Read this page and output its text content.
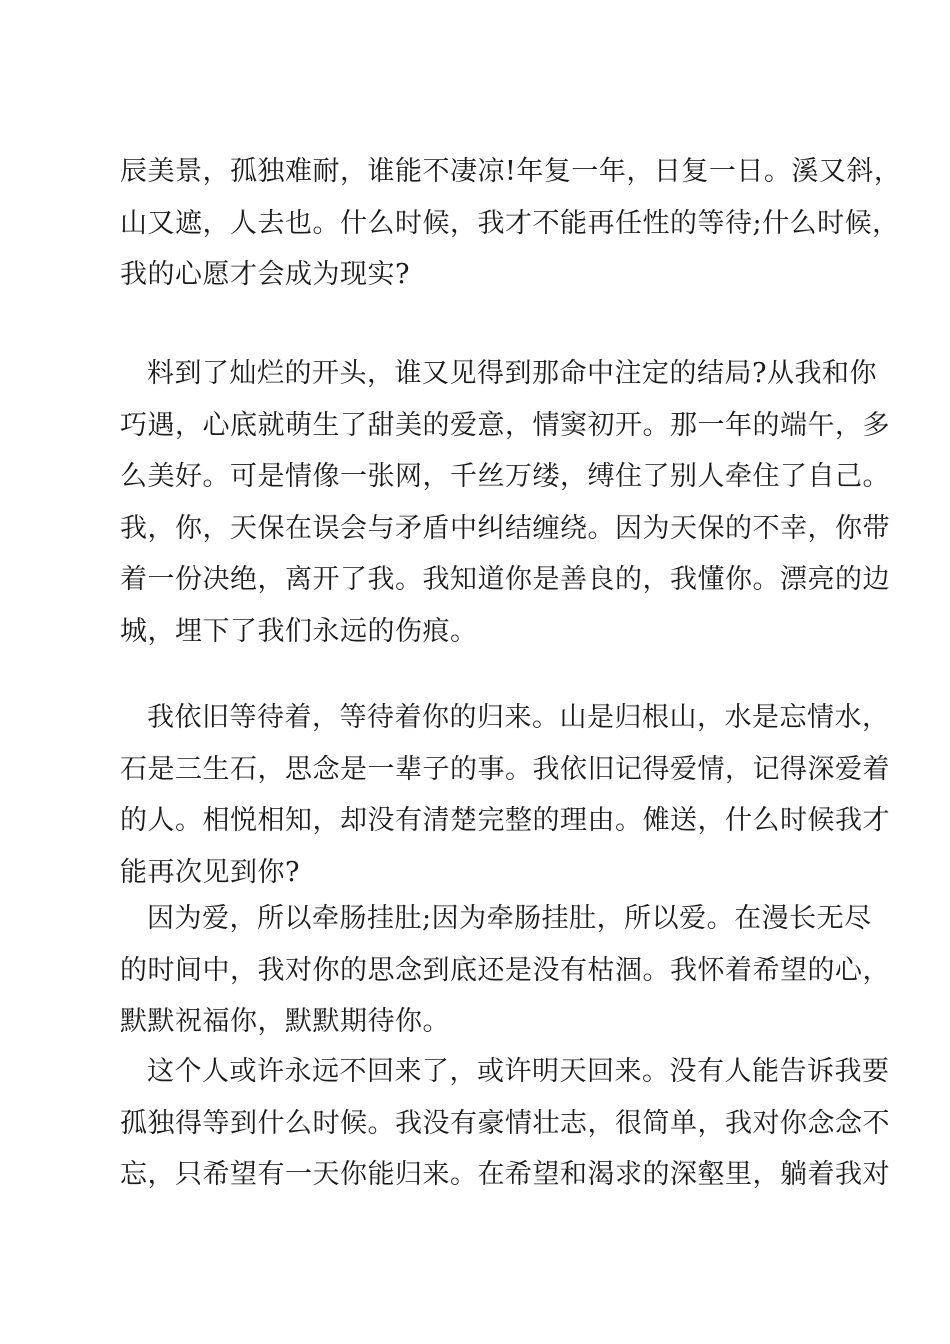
辰美景，孤独难耐，谁能不凄凉!年复一年，日复一日。溪又斜，
山又遮，人去也。什么时候，我才不能再任性的等待;什么时候，
我的心愿才会成为现实?
料到了灿烂的开头，谁又见得到那命中注定的结局?从我和你
巧遇，心底就萌生了甜美的爱意，情窦初开。那一年的端午，多
么美好。可是情像一张网，千丝万缕，缚住了别人牵住了自己。
我，你，天保在误会与矛盾中纠结缠绕。因为天保的不幸，你带
着一份决绝，离开了我。我知道你是善良的，我懂你。漂亮的边
城，埋下了我们永远的伤痕。
我依旧等待着，等待着你的归来。山是归根山，水是忘情水，
石是三生石，思念是一辈子的事。我依旧记得爱情，记得深爱着
的人。相悦相知，却没有清楚完整的理由。傩送，什么时候我才
能再次见到你?
因为爱，所以牵肠挂肚;因为牵肠挂肚，所以爱。在漫长无尽
的时间中，我对你的思念到底还是没有枯涸。我怀着希望的心，
默默祝福你，默默期待你。
这个人或许永远不回来了，或许明天回来。没有人能告诉我要
孤独得等到什么时候。我没有豪情壮志，很简单，我对你念念不
忘，只希望有一天你能归来。在希望和渴求的深壑里，躺着我对
